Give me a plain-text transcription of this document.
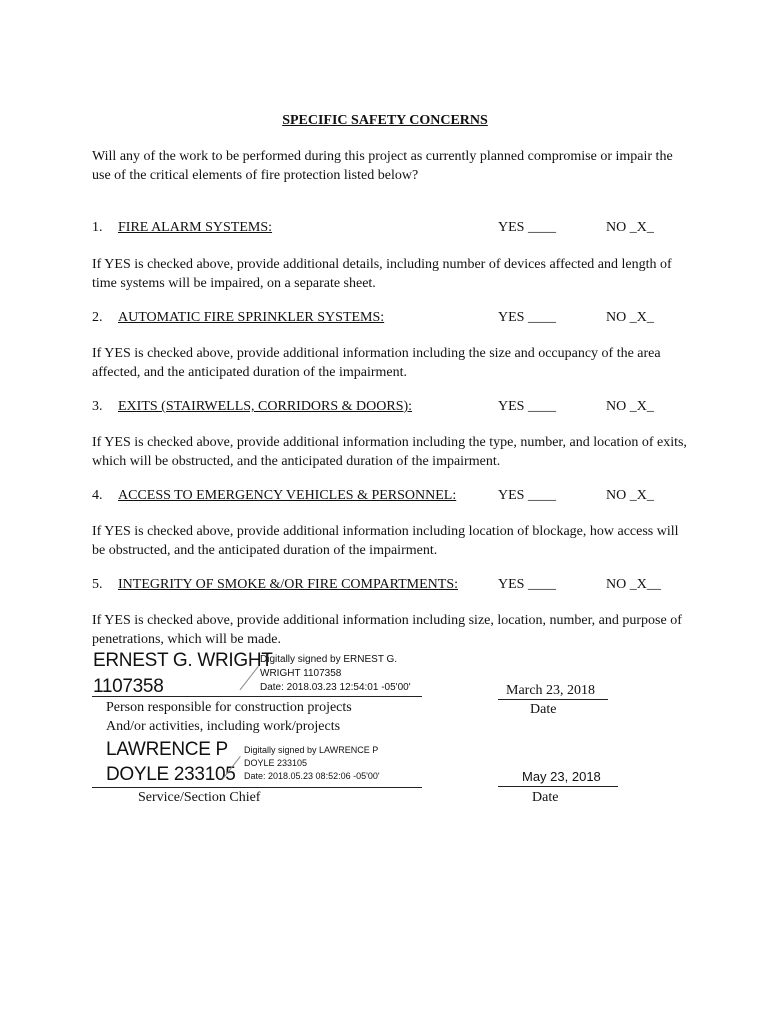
SPECIFIC SAFETY CONCERNS
Will any of the work to be performed during this project as currently planned compromise or impair the use of the critical elements of fire protection listed below?
1. FIRE ALARM SYSTEMS:	YES ____	NO _X_
If YES is checked above, provide additional details, including number of devices affected and length of time systems will be impaired, on a separate sheet.
2. AUTOMATIC FIRE SPRINKLER SYSTEMS:	YES ____	NO _X_
If YES is checked above, provide additional information including the size and occupancy of the area affected, and the anticipated duration of the impairment.
3. EXITS (STAIRWELLS, CORRIDORS & DOORS):	YES ____	NO _X_
If YES is checked above, provide additional information including the type, number, and location of exits, which will be obstructed, and the anticipated duration of the impairment.
4. ACCESS TO EMERGENCY VEHICLES & PERSONNEL:	YES ____	NO _X_
If YES is checked above, provide additional information including location of blockage, how access will be obstructed, and the anticipated duration of the impairment.
5. INTEGRITY OF SMOKE &/OR FIRE COMPARTMENTS:	YES ____	NO _X__
If YES is checked above, provide additional information including size, location, number, and purpose of penetrations, which will be made.
ERNEST G. WRIGHT
1107358
Digitally signed by ERNEST G.
WRIGHT 1107358
Date: 2018.03.23 12:54:01 -05'00'
Person responsible for construction projects
And/or activities, including work/projects
March 23, 2018
Date
LAWRENCE P
DOYLE 233105
Digitally signed by LAWRENCE P
DOYLE 233105
Date: 2018.05.23 08:52:06 -05'00'
Service/Section Chief
May 23, 2018
Date
